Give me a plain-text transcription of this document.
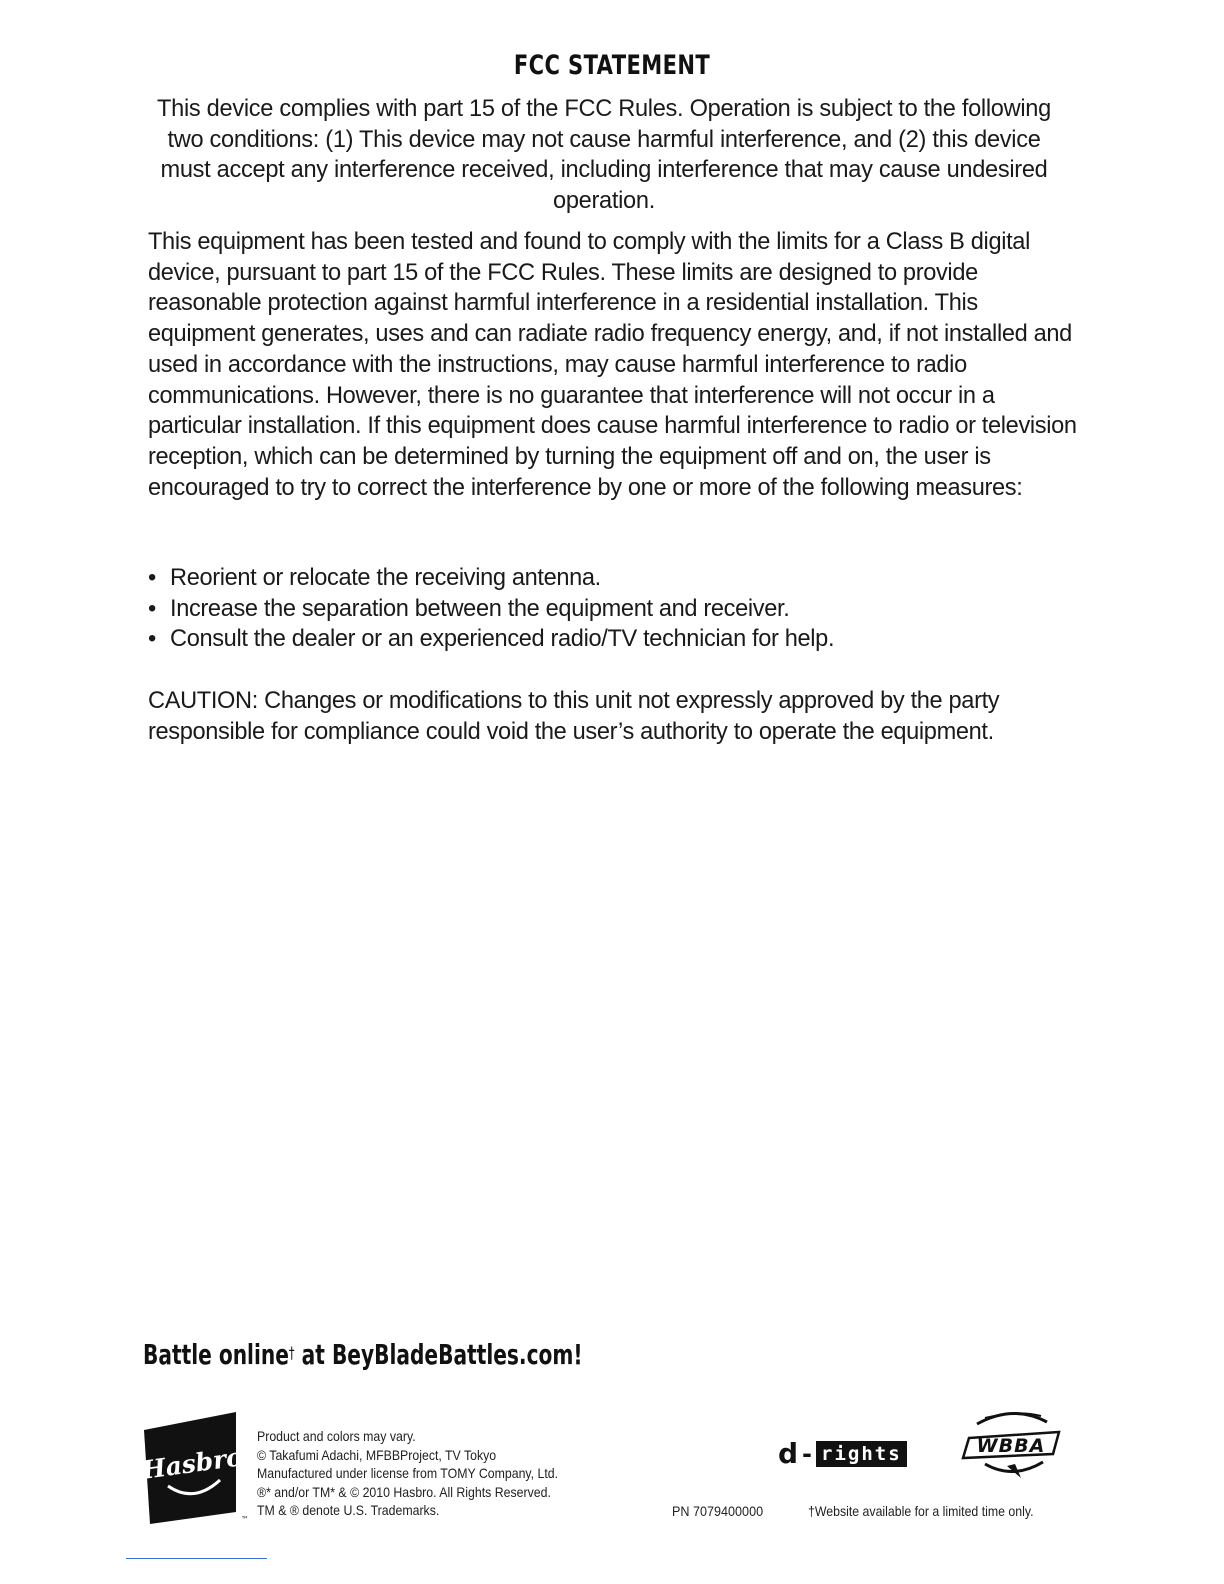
FCC STATEMENT
This device complies with part 15 of the FCC Rules. Operation is subject to the following two conditions: (1) This device may not cause harmful interference, and (2) this device must accept any interference received, including interference that may cause undesired operation.
This equipment has been tested and found to comply with the limits for a Class B digital device, pursuant to part 15 of the FCC Rules. These limits are designed to provide reasonable protection against harmful interference in a residential installation. This equipment generates, uses and can radiate radio frequency energy, and, if not installed and used in accordance with the instructions, may cause harmful interference to radio communications. However, there is no guarantee that interference will not occur in a particular installation. If this equipment does cause harmful interference to radio or television reception, which can be determined by turning the equipment off and on, the user is encouraged to try to correct the interference by one or more of the following measures:
• Reorient or relocate the receiving antenna.
• Increase the separation between the equipment and receiver.
• Consult the dealer or an experienced radio/TV technician for help.
CAUTION: Changes or modifications to this unit not expressly approved by the party responsible for compliance could void the user’s authority to operate the equipment.
Battle online† at BeyBladeBattles.com!
Hasbro
™
Product and colors may vary.
© Takafumi Adachi, MFBBProject, TV Tokyo
Manufactured under license from TOMY Company, Ltd.
®* and/or TM* & © 2010 Hasbro. All Rights Reserved.
TM & ® denote U.S. Trademarks.
d - rights	WBBA
PN 7079400000	†Website available for a limited time only.
